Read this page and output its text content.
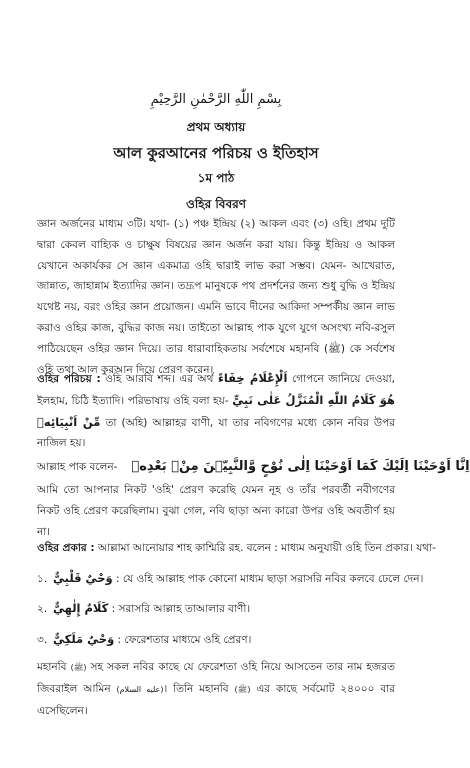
بِسْمِ اللّٰهِ الرَّحْمٰنِ الرَّحِيْمِ
প্রথম অধ্যায়
আল কুরআনের পরিচয় ও ইতিহাস
১ম পাঠ
ওহির বিবরণ
জ্ঞান অর্জনের মাধ্যম ৩টি। যথা- (১) পঞ্চ ইন্দ্রিয় (২) আকল এবং (৩) ওহি। প্রথম দুটি দ্বারা কেবল বাহ্যিক ও চাক্ষুষ বিষয়ের জ্ঞান অর্জন করা যায়। কিন্তু ইন্দ্রিয় ও আকল যেখানে অকার্যকর সে জ্ঞান একমাত্র ওহি দ্বারাই লাভ করা সম্ভব। যেমন- আখেরাত, জান্নাত, জাহান্নাম ইত্যাদির জ্ঞান। তদ্রূপ মানুষকে পথ প্রদর্শনের জন্য শুধু বুদ্ধি ও ইন্দ্রিয় যথেষ্ট নয়, বরং ওহির জ্ঞান প্রয়োজন। এমনি ভাবে দীনের আকিদা সম্পর্কীয় জ্ঞান লাভ করাও ওহির কাজ, বুদ্ধির কাজ নয়। তাইতো আল্লাহ পাক যুগে যুগে অসংখ্য নবি-রসুল পাঠিয়েছেন ওহির জ্ঞান দিয়ে। তার ধারাবাহিকতায় সর্বশেষে মহানবি (ﷺ) কে সর্বশেষ ওহি তথা আল কুরআন দিয়ে প্রেরণ করেন।
ওহির পরিচয় : ওহি আরবি শব্দ। এর অর্থ اَلْإِعْلَامُ خِفَاءً গোপনে জানিয়ে দেওয়া, ইলহাম, চিঠি ইত্যাদি। পরিভাষায় ওহি বলা হয়- هُوَ كَلَامُ اللّٰهِ الْمُنَزَّلُ عَلٰى نَبِيٍّ مِّنْ اَنْبِيَائِهٖ তা (অহি) আল্লাহর বাণী, যা তার নবিগণের মধ্যে কোন নবির উপর নাজিল হয়।
আল্লাহ পাক বলেন- اِنَّا اَوْحَيْنَا اِلَيْكَ كَمَا اَوْحَيْنَا اِلٰى نُوْحٍ وَّالنَّبِيّٖنَ مِنْۢ بَعْدِهٖ
আমি তো আপনার নিকট 'ওহি' প্রেরণ করেছি যেমন নূহ ও তাঁর পরবর্তী নবীগণের নিকট ওহি প্রেরণ করেছিলাম। বুঝা গেল, নবি ছাড়া অন্য কারো উপর ওহি অবতীর্ণ হয় না।
ওহির প্রকার : আল্লামা আনোয়ার শাহ কাশ্মিরি রহ. বলেন : মাধ্যম অনুযায়ী ওহি তিন প্রকার। যথা-
১. وَحْيٌ قَلْبِيٌّ : যে ওহি আল্লাহ পাক কোনো মাধ্যম ছাড়া সরাসরি নবির কলবে ঢেলে দেন।
২. كَلَامٌ إِلٰهِيٌّ : সরাসরি আল্লাহ তাআলার বাণী।
৩. وَحْيٌ مَلَكِيٌّ : ফেরেশতার মাধ্যমে ওহি প্রেরণ।
মহানবি (ﷺ) সহ সকল নবির কাছে যে ফেরেশতা ওহি নিয়ে আসতেন তার নাম হজরত জিবরাইল আমিন (عليه السلام)। তিনি মহানবি (ﷺ) এর কাছে সর্বমোট ২৪০০০ বার এসেছিলেন।
